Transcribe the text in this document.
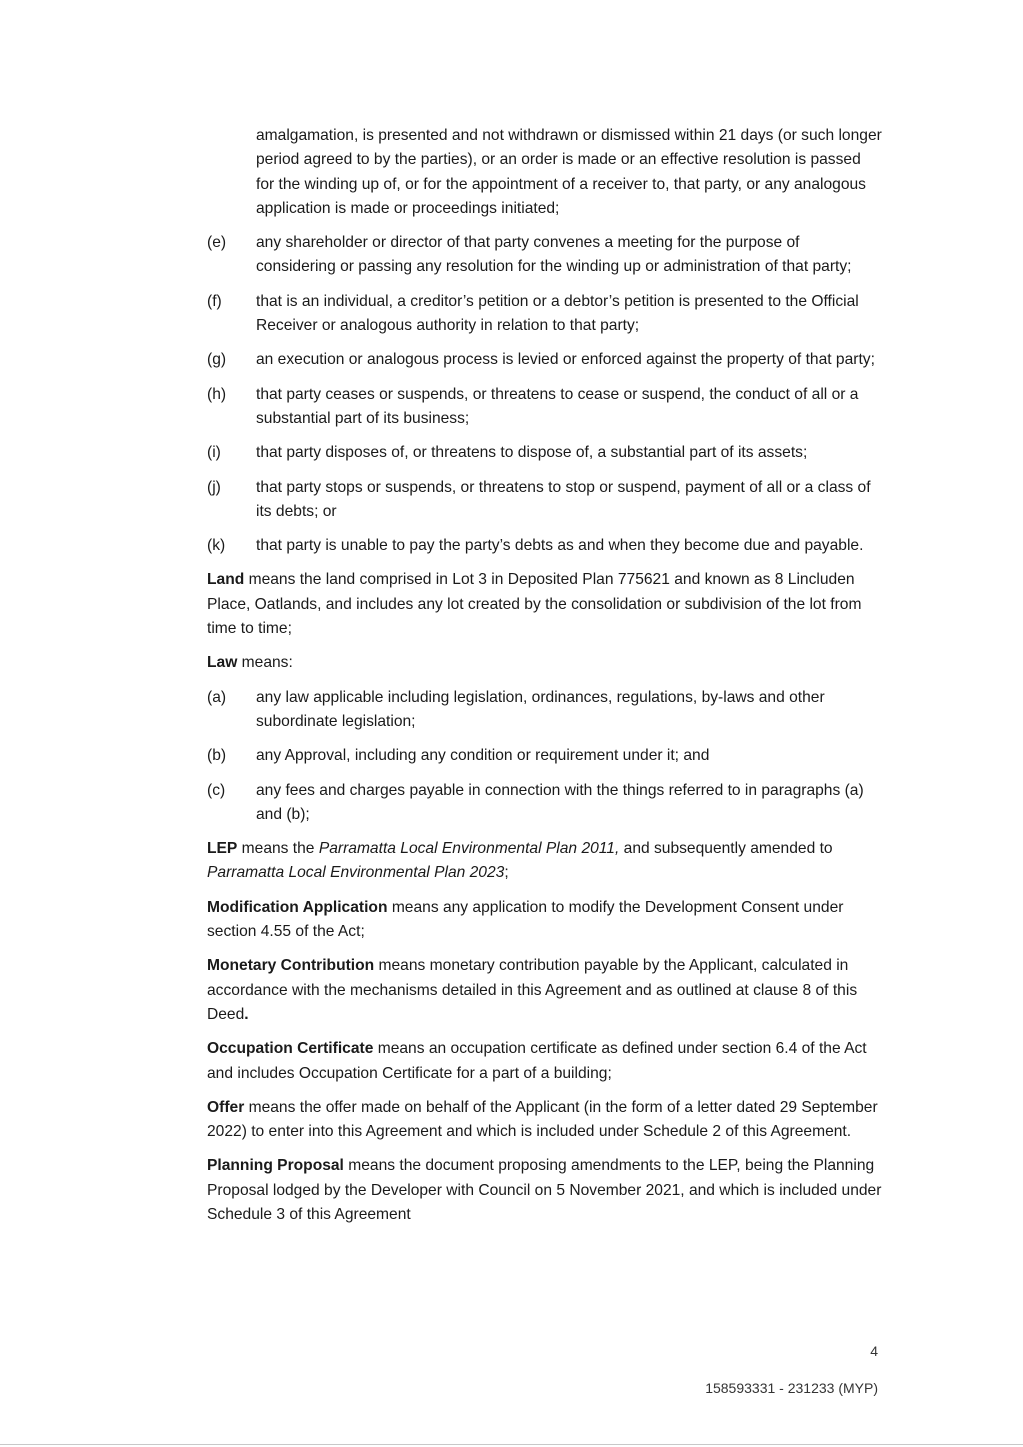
amalgamation, is presented and not withdrawn or dismissed within 21 days (or such longer period agreed to by the parties), or an order is made or an effective resolution is passed for the winding up of, or for the appointment of a receiver to, that party, or any analogous application is made or proceedings initiated;
(e)	any shareholder or director of that party convenes a meeting for the purpose of considering or passing any resolution for the winding up or administration of that party;
(f)	that is an individual, a creditor’s petition or a debtor’s petition is presented to the Official Receiver or analogous authority in relation to that party;
(g)	an execution or analogous process is levied or enforced against the property of that party;
(h)	that party ceases or suspends, or threatens to cease or suspend, the conduct of all or a substantial part of its business;
(i)	that party disposes of, or threatens to dispose of, a substantial part of its assets;
(j)	that party stops or suspends, or threatens to stop or suspend, payment of all or a class of its debts; or
(k)	that party is unable to pay the party’s debts as and when they become due and payable.
Land means the land comprised in Lot 3 in Deposited Plan 775621 and known as 8 Lincluden Place, Oatlands, and includes any lot created by the consolidation or subdivision of the lot from time to time;
Law means:
(a)	any law applicable including legislation, ordinances, regulations, by-laws and other subordinate legislation;
(b)	any Approval, including any condition or requirement under it; and
(c)	any fees and charges payable in connection with the things referred to in paragraphs (a) and (b);
LEP means the Parramatta Local Environmental Plan 2011, and subsequently amended to Parramatta Local Environmental Plan 2023;
Modification Application means any application to modify the Development Consent under section 4.55 of the Act;
Monetary Contribution means monetary contribution payable by the Applicant, calculated in accordance with the mechanisms detailed in this Agreement and as outlined at clause 8 of this Deed.
Occupation Certificate means an occupation certificate as defined under section 6.4 of the Act and includes Occupation Certificate for a part of a building;
Offer means the offer made on behalf of the Applicant (in the form of a letter dated 29 September 2022) to enter into this Agreement and which is included under Schedule 2 of this Agreement.
Planning Proposal means the document proposing amendments to the LEP, being the Planning Proposal lodged by the Developer with Council on 5 November 2021, and which is included under Schedule 3 of this Agreement
4
158593331 - 231233 (MYP)
